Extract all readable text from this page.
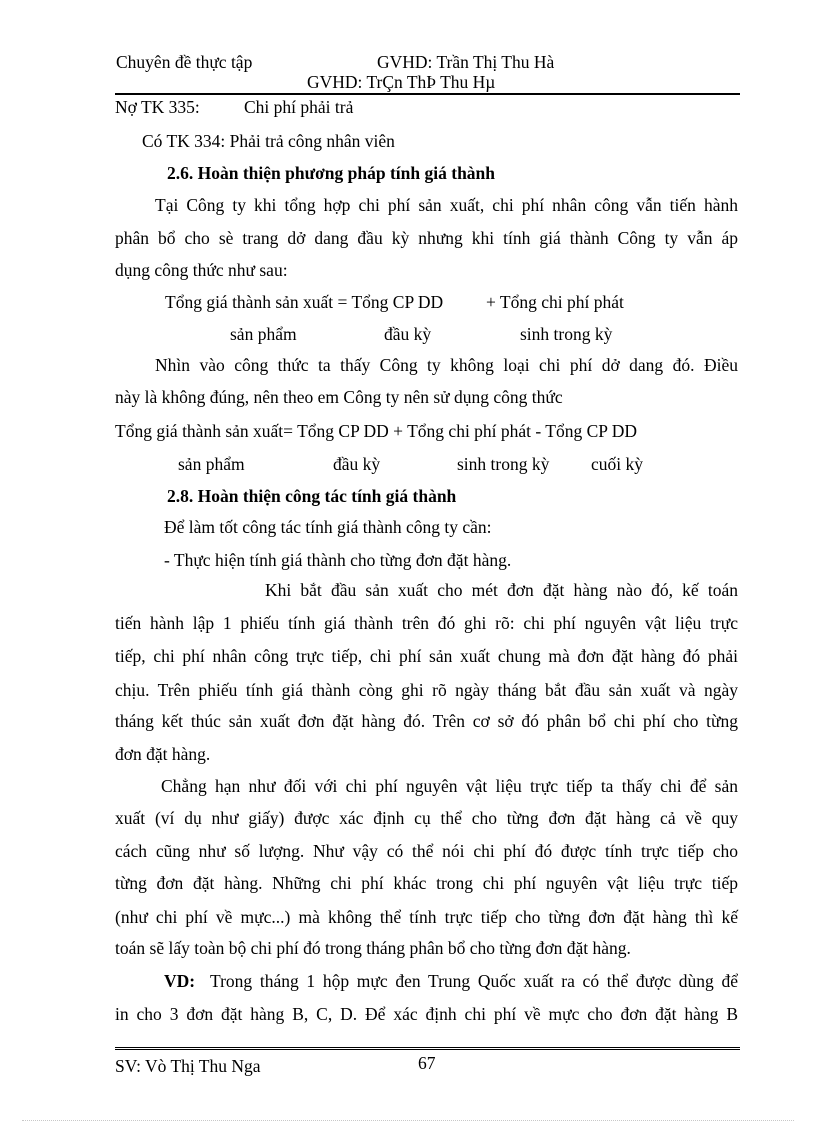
Chuyên đề thực tập	GVHD: Trần Thị Thu Hà
GVHD: TrÇn ThÞ Thu Hµ
Nợ TK 335:	Chi phí phải trả
Có TK 334: Phải trả công nhân viên
2.6. Hoàn thiện phương pháp tính giá thành
Tại Công ty khi tổng hợp chi phí sản xuất, chi phí nhân công vẫn tiến hành
phân bổ cho sè trang dở dang đầu kỳ nhưng khi tính giá thành Công ty vẫn áp
dụng công thức như sau:
Tổng giá thành sản xuất = Tổng CP DD + Tổng chi phí phát
sản phẩm	đầu kỳ	sinh trong kỳ
Nhìn vào công thức ta thấy Công ty không loại chi phí dở dang đó. Điều
này là không đúng, nên theo em Công ty nên sử dụng công thức
Tổng giá thành sản xuất= Tổng CP DD + Tổng chi phí phát - Tổng CP DD
sản phẩm	đầu kỳ	sinh trong kỳ cuối kỳ
2.8. Hoàn thiện công tác tính giá thành
Để làm tốt công tác tính giá thành công ty cần:
- Thực hiện tính giá thành cho từng đơn đặt hàng.
Khi bắt đầu sản xuất cho mét đơn đặt hàng nào đó, kế toán
tiến hành lập 1 phiếu tính giá thành trên đó ghi rõ: chi phí nguyên vật liệu trực
tiếp, chi phí nhân công trực tiếp, chi phí sản xuất chung mà đơn đặt hàng đó phải
chịu. Trên phiếu tính giá thành còng ghi rõ ngày tháng bắt đầu sản xuất và ngày
tháng kết thúc sản xuất đơn đặt hàng đó. Trên cơ sở đó phân bổ chi phí cho từng
đơn đặt hàng.
Chẳng hạn như đối với chi phí nguyên vật liệu trực tiếp ta thấy chi để sản
xuất (ví dụ như giấy) được xác định cụ thể cho từng đơn đặt hàng cả về quy
cách cũng như số lượng. Như vậy có thể nói chi phí đó được tính trực tiếp cho
từng đơn đặt hàng. Những chi phí khác trong chi phí nguyên vật liệu trực tiếp
(như chi phí về mực...) mà không thể tính trực tiếp cho từng đơn đặt hàng thì kế
toán sẽ lấy toàn bộ chi phí đó trong tháng phân bổ cho từng đơn đặt hàng.
VD: Trong tháng 1 hộp mực đen Trung Quốc xuất ra có thể được dùng để
in cho 3 đơn đặt hàng B, C, D. Để xác định chi phí về mực cho đơn đặt hàng B
67
SV: Vò Thị Thu Nga
